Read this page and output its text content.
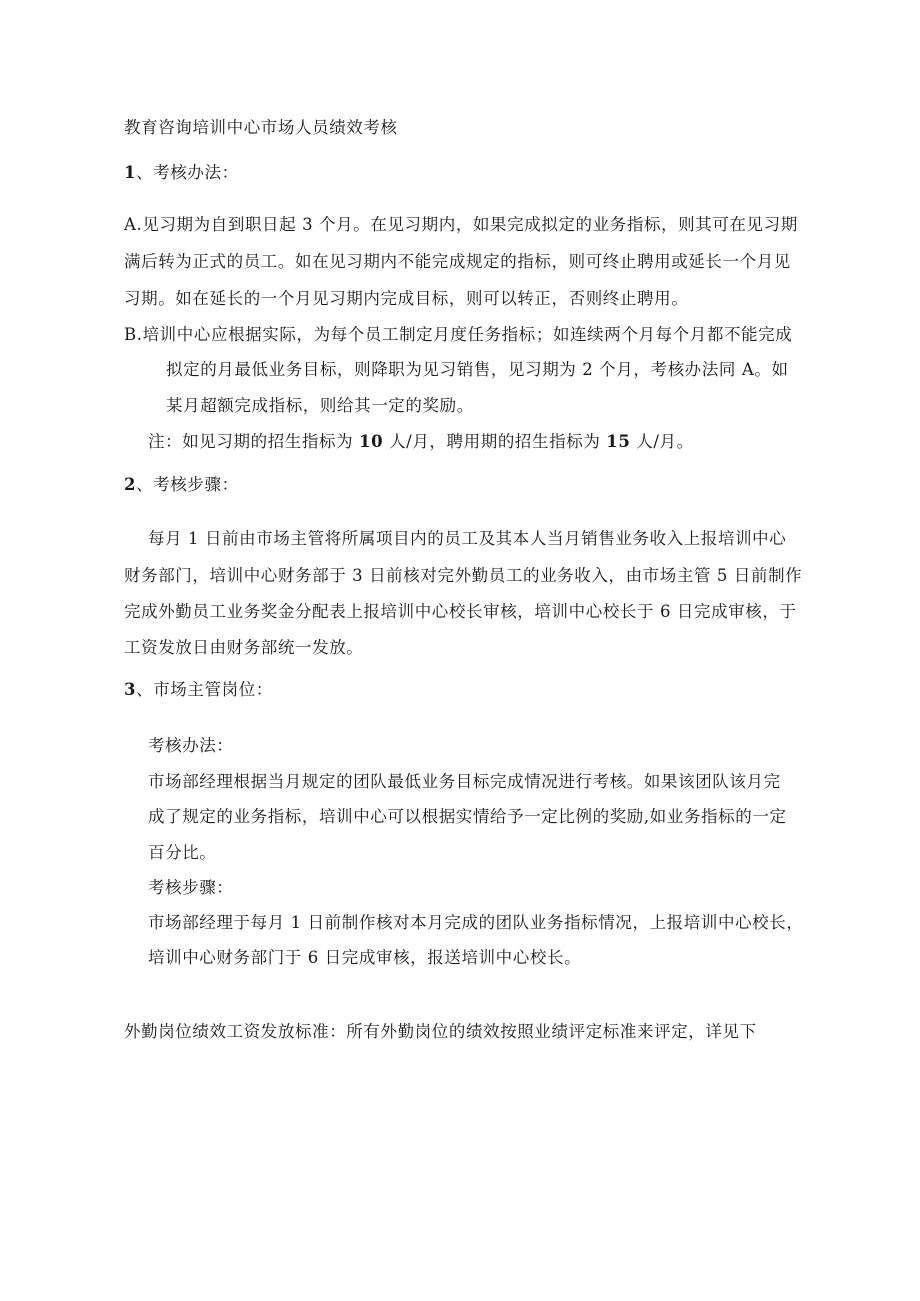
教育咨询培训中心市场人员绩效考核
1、考核办法：
A.见习期为自到职日起 3 个月。在见习期内，如果完成拟定的业务指标，则其可在见习期
满后转为正式的员工。如在见习期内不能完成规定的指标，则可终止聘用或延长一个月见
习期。如在延长的一个月见习期内完成目标，则可以转正，否则终止聘用。
B.培训中心应根据实际，为每个员工制定月度任务指标；如连续两个月每个月都不能完成
拟定的月最低业务目标，则降职为见习销售，见习期为 2 个月，考核办法同 A。如
某月超额完成指标，则给其一定的奖励。
注：如见习期的招生指标为 10 人/月，聘用期的招生指标为 15 人/月。
2、考核步骤：
每月 1 日前由市场主管将所属项目内的员工及其本人当月销售业务收入上报培训中心
财务部门，培训中心财务部于 3 日前核对完外勤员工的业务收入，由市场主管 5 日前制作
完成外勤员工业务奖金分配表上报培训中心校长审核，培训中心校长于 6 日完成审核，于
工资发放日由财务部统一发放。
3、市场主管岗位：
考核办法：
市场部经理根据当月规定的团队最低业务目标完成情况进行考核。如果该团队该月完
成了规定的业务指标，培训中心可以根据实情给予一定比例的奖励,如业务指标的一定
百分比。
考核步骤：
市场部经理于每月 1 日前制作核对本月完成的团队业务指标情况，上报培训中心校长，
培训中心财务部门于 6 日完成审核，报送培训中心校长。
外勤岗位绩效工资发放标准：所有外勤岗位的绩效按照业绩评定标准来评定，详见下
